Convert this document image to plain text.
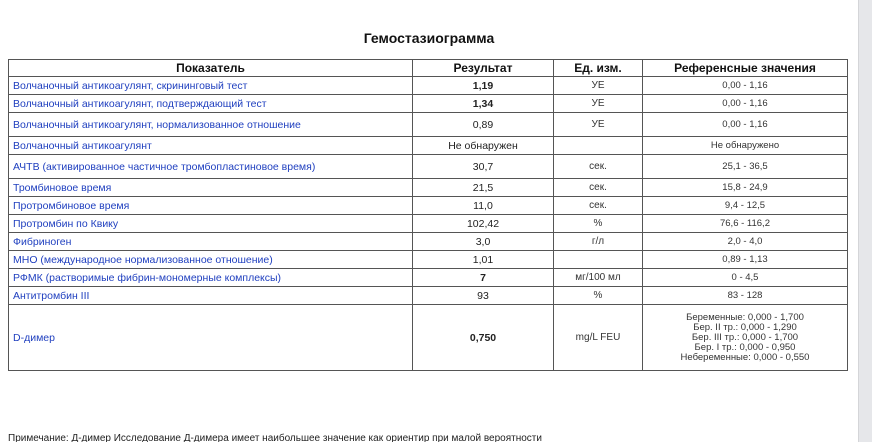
Гемостазиограмма
Показатель	Результат	Ед. изм.	Референсные значения
Волчаночный антикоагулянт, скрининговый тест	1,19	УЕ	0,00 - 1,16
Волчаночный антикоагулянт, подтверждающий тест	1,34	УЕ	0,00 - 1,16
Волчаночный антикоагулянт, нормализованное отношение	0,89	УЕ	0,00 - 1,16
Волчаночный антикоагулянт	Не обнаружен		Не обнаружено
АЧТВ (активированное частичное тромбопластиновое время)	30,7	сек.	25,1 - 36,5
Тромбиновое время	21,5	сек.	15,8 - 24,9
Протромбиновое время	11,0	сек.	9,4 - 12,5
Протромбин по Квику	102,42	%	76,6 - 116,2
Фибриноген	3,0	г/л	2,0 - 4,0
МНО (международное нормализованное отношение)	1,01		0,89 - 1,13
РФМК (растворимые фибрин-мономерные комплексы)	7	мг/100 мл	0 - 4,5
Антитромбин III	93	%	83 - 128
D-димер	0,750	mg/L FEU	Беременные: 0,000 - 1,700
Бер. II тр.: 0,000 - 1,290
Бер. III тр.: 0,000 - 1,700
Бер. I тр.: 0,000 - 0,950
Небеременные: 0,000 - 0,550
Примечание: Д-димер Исследование Д-димера имеет наибольшее значение как ориентир при малой вероятности
